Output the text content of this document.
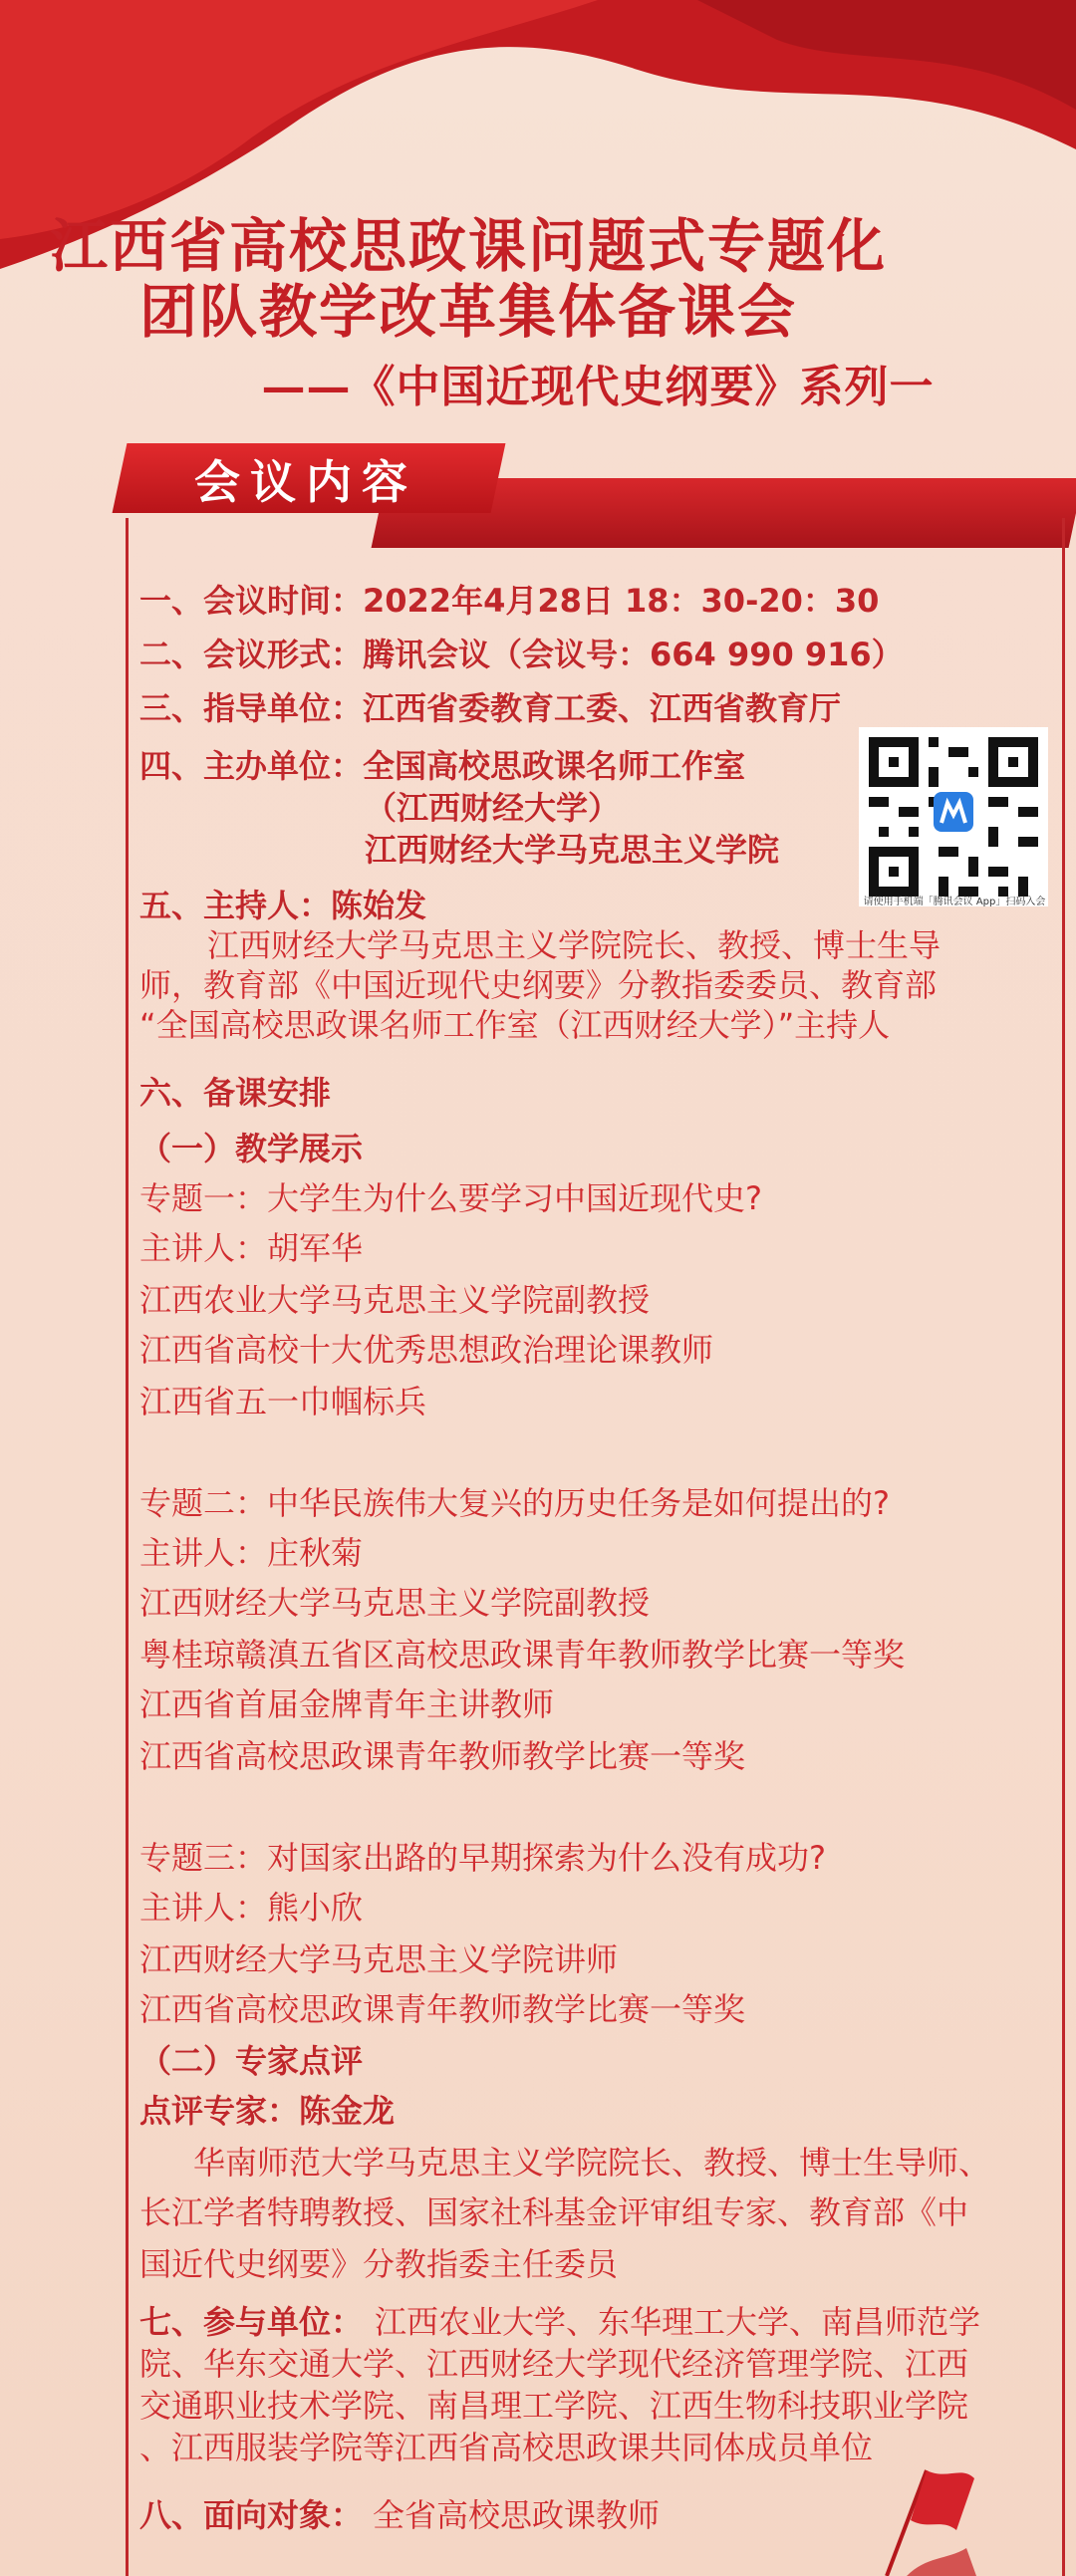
江西省高校思政课问题式专题化
团队教学改革集体备课会
——《中国近现代史纲要》系列一
会议内容
一、会议时间：2022年4月28日 18：30-20：30
二、会议形式：腾讯会议（会议号：664 990 916）
三、指导单位：江西省委教育工委、江西省教育厅
四、主办单位：全国高校思政课名师工作室
（江西财经大学）
江西财经大学马克思主义学院
请使用手机端「腾讯会议 App」扫码入会
五、主持人：陈始发
江西财经大学马克思主义学院院长、教授、博士生导
师，教育部《中国近现代史纲要》分教指委委员、教育部
“全国高校思政课名师工作室（江西财经大学）”主持人
六、备课安排
（一）教学展示
专题一：大学生为什么要学习中国近现代史?
主讲人：胡军华
江西农业大学马克思主义学院副教授
江西省高校十大优秀思想政治理论课教师
江西省五一巾帼标兵
专题二：中华民族伟大复兴的历史任务是如何提出的?
主讲人：庄秋菊
江西财经大学马克思主义学院副教授
粤桂琼赣滇五省区高校思政课青年教师教学比赛一等奖
江西省首届金牌青年主讲教师
江西省高校思政课青年教师教学比赛一等奖
专题三：对国家出路的早期探索为什么没有成功?
主讲人：熊小欣
江西财经大学马克思主义学院讲师
江西省高校思政课青年教师教学比赛一等奖
（二）专家点评
点评专家：陈金龙
华南师范大学马克思主义学院院长、教授、博士生导师、
长江学者特聘教授、国家社科基金评审组专家、教育部《中
国近代史纲要》分教指委主任委员
七、参与单位： 江西农业大学、东华理工大学、南昌师范学
院、华东交通大学、江西财经大学现代经济管理学院、江西
交通职业技术学院、南昌理工学院、江西生物科技职业学院
、江西服装学院等江西省高校思政课共同体成员单位
八、面向对象： 全省高校思政课教师
